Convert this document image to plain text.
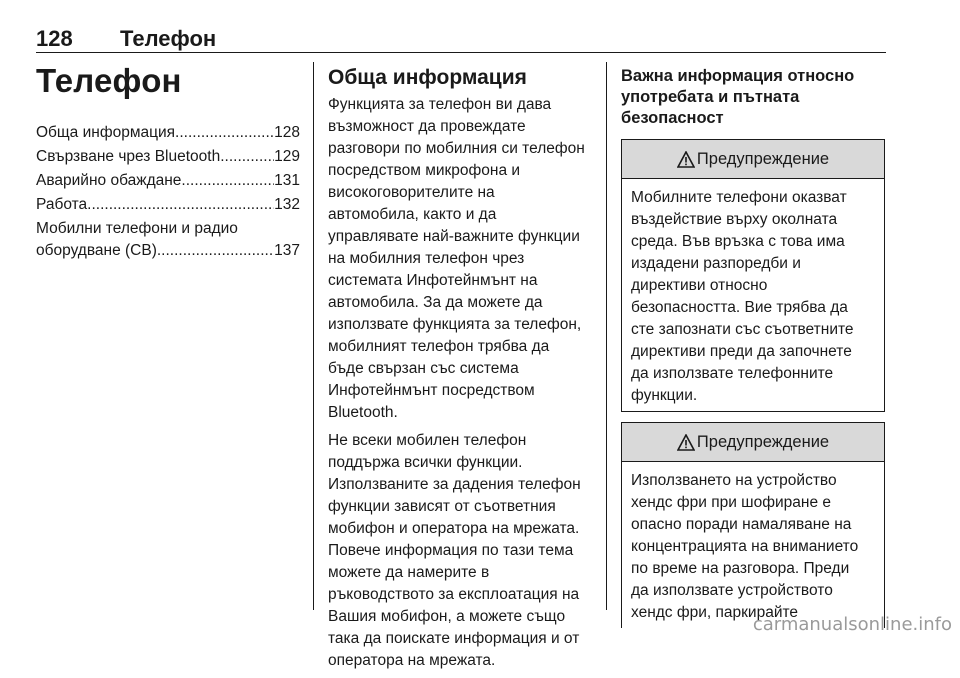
128 Телефон
Телефон
Обща информация .....	128
Свързване чрез Bluetooth .....	129
Аварийно обаждане .....	131
Работа .....	132
Мобилни телефони и радио
оборудване (CB) .....	137
Обща информация
Функцията за телефон ви дава
възможност да провеждате
разговори по мобилния си телефон
посредством микрофона и
високоговорителите на
автомобила, както и да
управлявате най-важните функции
на мобилния телефон чрез
системата Инфотейнмънт на
автомобила. За да можете да
използвате функцията за телефон,
мобилният телефон трябва да
бъде свързан със система
Инфотейнмънт посредством
Bluetooth.
Не всеки мобилен телефон
поддържа всички функции.
Използваните за дадения телефон
функции зависят от съответния
мобифон и оператора на мрежата.
Повече информация по тази тема
можете да намерите в
ръководството за експлоатация на
Вашия мобифон, а можете също
така да поискате информация и от
оператора на мрежата.
Важна информация относно
употребата и пътната
безопасност
Предупреждение
Мобилните телефони оказват
въздействие върху околната
среда. Във връзка с това има
издадени разпоредби и
директиви относно
безопасността. Вие трябва да
сте запознати със съответните
директиви преди да започнете
да използвате телефонните
функции.
Предупреждение
Използването на устройство
хендс фри при шофиране е
опасно поради намаляване на
концентрацията на вниманието
по време на разговора. Преди
да използвате устройството
хендс фри, паркирайте
carmanualsonline.info
